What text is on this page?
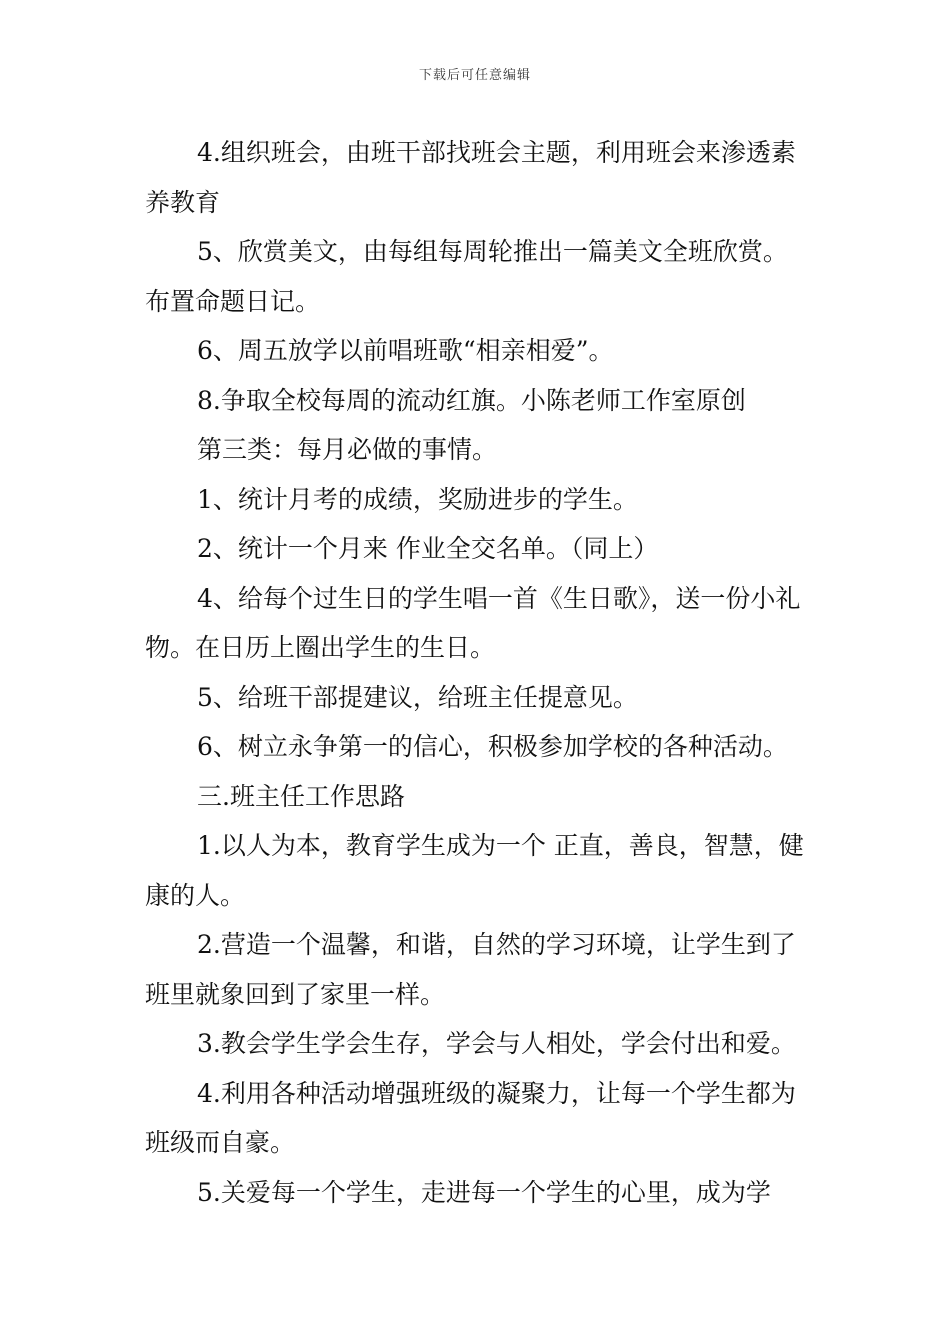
下载后可任意编辑

4.组织班会，由班干部找班会主题，利用班会来渗透素养教育

5、欣赏美文，由每组每周轮推出一篇美文全班欣赏。布置命题日记。

6、周五放学以前唱班歌“相亲相爱”。

8.争取全校每周的流动红旗。小陈老师工作室原创

第三类：每月必做的事情。

1、统计月考的成绩，奖励进步的学生。

2、统计一个月来 作业全交名单。（同上）

4、给每个过生日的学生唱一首《生日歌》，送一份小礼物。在日历上圈出学生的生日。

5、给班干部提建议，给班主任提意见。

6、树立永争第一的信心，积极参加学校的各种活动。

三.班主任工作思路

1.以人为本，教育学生成为一个 正直，善良，智慧，健康的人。

2.营造一个温馨，和谐，自然的学习环境，让学生到了班里就象回到了家里一样。

3.教会学生学会生存，学会与人相处，学会付出和爱。

4.利用各种活动增强班级的凝聚力，让每一个学生都为班级而自豪。

5.关爱每一个学生，走进每一个学生的心里，成为学
